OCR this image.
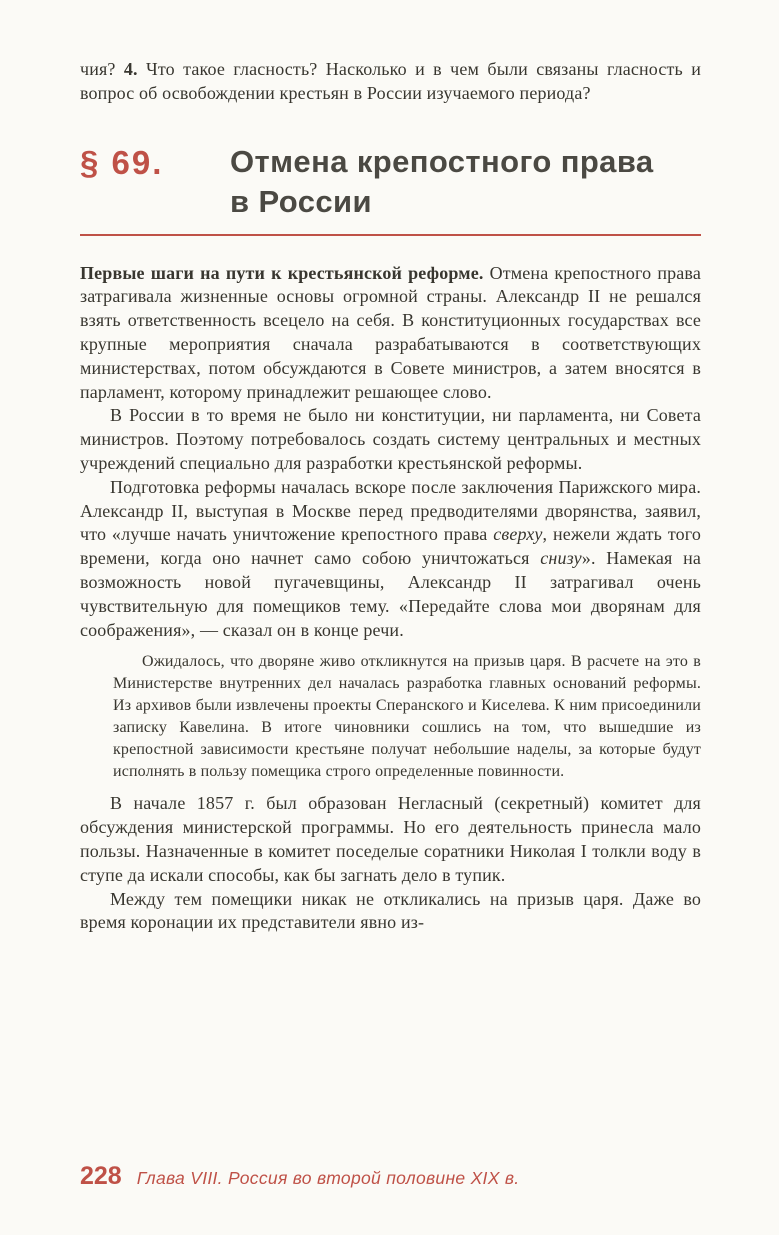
чия? 4. Что такое гласность? Насколько и в чем были связаны гласность и вопрос об освобождении крестьян в России изучаемого периода?

§ 69.	Отмена крепостного права
в России

Первые шаги на пути к крестьянской реформе. Отмена крепостного права затрагивала жизненные основы огромной страны. Александр II не решался взять ответственность всецело на себя. В конституционных государствах все крупные мероприятия сначала разрабатываются в соответствующих министерствах, потом обсуждаются в Совете министров, а затем вносятся в парламент, которому принадлежит решающее слово.

В России в то время не было ни конституции, ни парламента, ни Совета министров. Поэтому потребовалось создать систему центральных и местных учреждений специально для разработки крестьянской реформы.

Подготовка реформы началась вскоре после заключения Парижского мира. Александр II, выступая в Москве перед предводителями дворянства, заявил, что «лучше начать уничтожение крепостного права сверху, нежели ждать того времени, когда оно начнет само собою уничтожаться снизу». Намекая на возможность новой пугачевщины, Александр II затрагивал очень чувствительную для помещиков тему. «Передайте слова мои дворянам для соображения», — сказал он в конце речи.

Ожидалось, что дворяне живо откликнутся на призыв царя. В расчете на это в Министерстве внутренних дел началась разработка главных оснований реформы. Из архивов были извлечены проекты Сперанского и Киселева. К ним присоединили записку Кавелина. В итоге чиновники сошлись на том, что вышедшие из крепостной зависимости крестьяне получат небольшие наделы, за которые будут исполнять в пользу помещика строго определенные повинности.

В начале 1857 г. был образован Негласный (секретный) комитет для обсуждения министерской программы. Но его деятельность принесла мало пользы. Назначенные в комитет поседелые соратники Николая I толкли воду в ступе да искали способы, как бы загнать дело в тупик.

Между тем помещики никак не откликались на призыв царя. Даже во время коронации их представители явно из-

228 Глава VIII. Россия во второй половине XIX в.
